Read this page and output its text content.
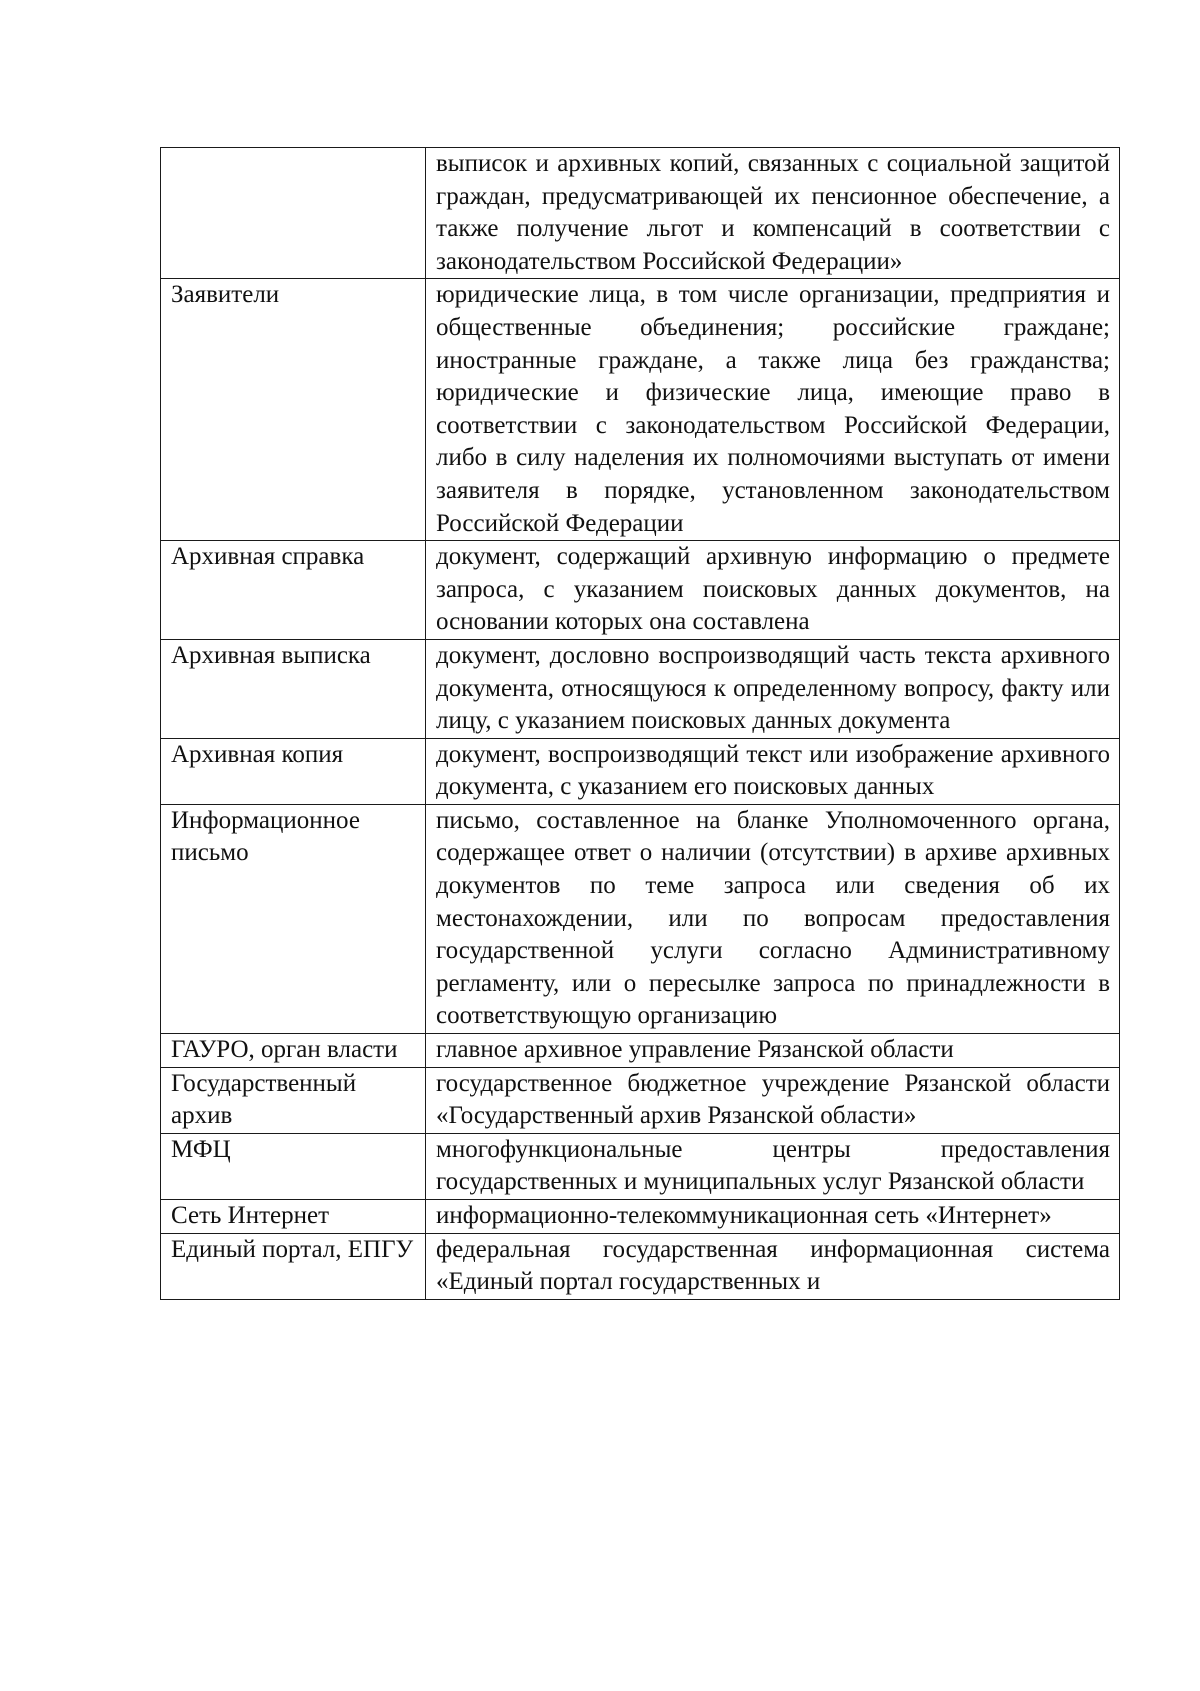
	выписок и архивных копий, связанных с социальной защитой граждан, предусматривающей их пенсионное обеспечение, а также получение льгот и компенсаций в соответствии с законодательством Российской Федерации»
Заявители	юридические лица, в том числе организации, предприятия и общественные объединения; российские граждане; иностранные граждане, а также лица без гражданства; юридические и физические лица, имеющие право в соответствии с законодательством Российской Федерации, либо в силу наделения их полномочиями выступать от имени заявителя в порядке, установленном законодательством Российской Федерации
Архивная справка	документ, содержащий архивную информацию о предмете запроса, с указанием поисковых данных документов, на основании которых она составлена
Архивная выписка	документ, дословно воспроизводящий часть текста архивного документа, относящуюся к определенному вопросу, факту или лицу, с указанием поисковых данных документа
Архивная копия	документ, воспроизводящий текст или изображение архивного документа, с указанием его поисковых данных
Информационное письмо	письмо, составленное на бланке Уполномоченного органа, содержащее ответ о наличии (отсутствии) в архиве архивных документов по теме запроса или сведения об их местонахождении, или по вопросам предоставления государственной услуги согласно Административному регламенту, или о пересылке запроса по принадлежности в соответствующую организацию
ГАУРО, орган власти	главное архивное управление Рязанской области
Государственный архив	государственное бюджетное учреждение Рязанской области «Государственный архив Рязанской области»
МФЦ	многофункциональные центры предоставления государственных и муниципальных услуг Рязанской области
Сеть Интернет	информационно-телекоммуникационная сеть «Интернет»
Единый портал, ЕПГУ	федеральная государственная информационная система «Единый портал государственных и
